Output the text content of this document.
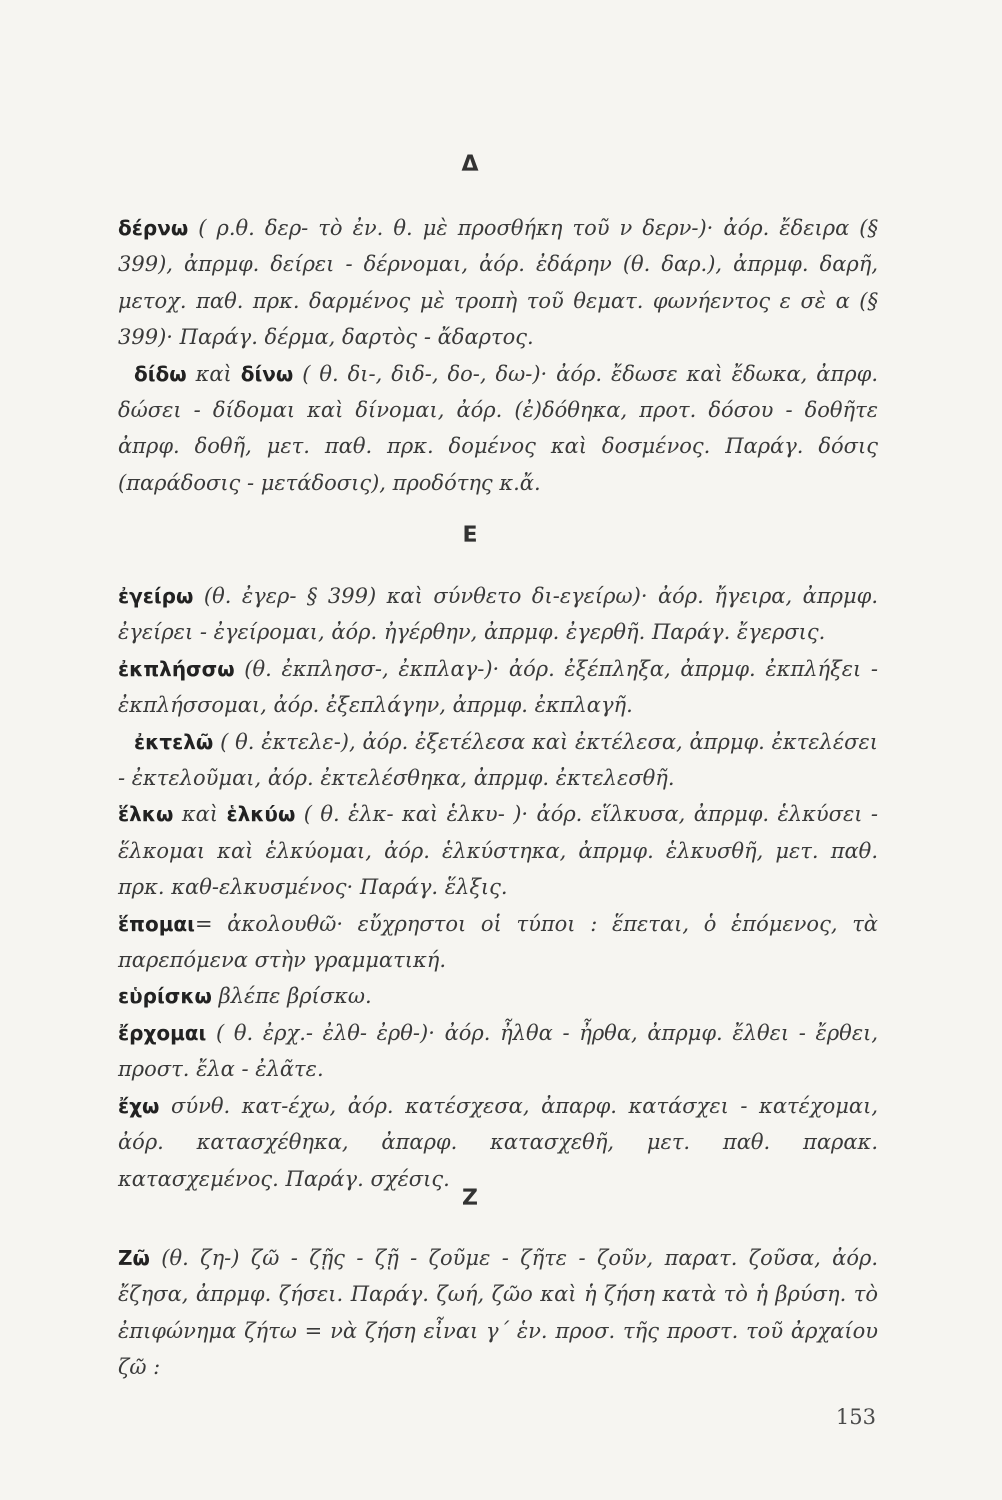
Δ

δέρνω ( ρ.θ. δερ- τὸ ἐν. θ. μὲ προσθήκη τοῦ ν δερν-)· ἀόρ. ἔδειρα (§ 399), ἀπρμφ. δείρει - δέρνομαι, ἀόρ. ἐδάρην (θ. δαρ.), ἀπρμφ. δαρῆ, μετοχ. παθ. πρκ. δαρμένος μὲ τροπὴ τοῦ θεματ. φωνήεντος ε σὲ α (§ 399)· Παράγ. δέρμα, δαρτὸς - ἄδαρτος.

δίδω καὶ δίνω ( θ. δι-, διδ-, δο-, δω-)· ἀόρ. ἔδωσε καὶ ἔδωκα, ἀπρφ. δώσει - δίδομαι καὶ δίνομαι, ἀόρ. (ἐ)δόθηκα, προτ. δόσου - δοθῆτε ἀπρφ. δοθῆ, μετ. παθ. πρκ. δομένος καὶ δοσμένος. Παράγ. δόσις (παράδοσις - μετάδοσις), προδότης κ.ἄ.

Ε

ἐγείρω (θ. ἐγερ- § 399) καὶ σύνθετο δι-εγείρω)· ἀόρ. ἤγειρα, ἀπρμφ. ἐγείρει - ἐγείρομαι, ἀόρ. ἠγέρθην, ἀπρμφ. ἐγερθῆ. Παράγ. ἔγερσις.

ἐκπλήσσω (θ. ἐκπλησσ-, ἐκπλαγ-)· ἀόρ. ἐξέπληξα, ἀπρμφ. ἐκπλήξει - ἐκπλήσσομαι, ἀόρ. ἐξεπλάγην, ἀπρμφ. ἐκπλαγῆ.

ἐκτελῶ ( θ. ἐκτελε-), ἀόρ. ἐξετέλεσα καὶ ἐκτέλεσα, ἀπρμφ. ἐκτελέσει - ἐκτελοῦμαι, ἀόρ. ἐκτελέσθηκα, ἀπρμφ. ἐκτελεσθῆ.

ἕλκω καὶ ἑλκύω ( θ. ἑλκ- καὶ ἑλκυ- )· ἀόρ. εἵλκυσα, ἀπρμφ. ἑλκύσει - ἕλκομαι καὶ ἑλκύομαι, ἀόρ. ἑλκύστηκα, ἀπρμφ. ἑλκυσθῆ, μετ. παθ. πρκ. καθ-ελκυσμένος· Παράγ. ἕλξις.

ἕπομαι= ἀκολουθῶ· εὔχρηστοι οἱ τύποι : ἕπεται, ὁ ἑπόμενος, τὰ παρεπόμενα στὴν γραμματική.

εὑρίσκω βλέπε βρίσκω.

ἔρχομαι ( θ. ἐρχ.- ἐλθ- ἐρθ-)· ἀόρ. ἦλθα - ἦρθα, ἀπρμφ. ἔλθει - ἔρθει, προστ. ἔλα - ἐλᾶτε.

ἔχω σύνθ. κατ-έχω, ἀόρ. κατέσχεσα, ἀπαρφ. κατάσχει - κατέχομαι, ἀόρ. κατασχέθηκα, ἀπαρφ. κατασχεθῆ, μετ. παθ. παρακ. κατασχεμένος. Παράγ. σχέσις.

Ζ

Ζῶ (θ. ζη-) ζῶ - ζῇς - ζῇ - ζοῦμε - ζῆτε - ζοῦν, παρατ. ζοῦσα, ἀόρ. ἔζησα, ἀπρμφ. ζήσει. Παράγ. ζωή, ζῶο καὶ ἡ ζήση κατὰ τὸ ἡ βρύση. τὸ ἐπιφώνημα ζήτω = νὰ ζήση εἶναι γ΄ ἑν. προσ. τῆς προστ. τοῦ ἀρχαίου ζῶ :

153
